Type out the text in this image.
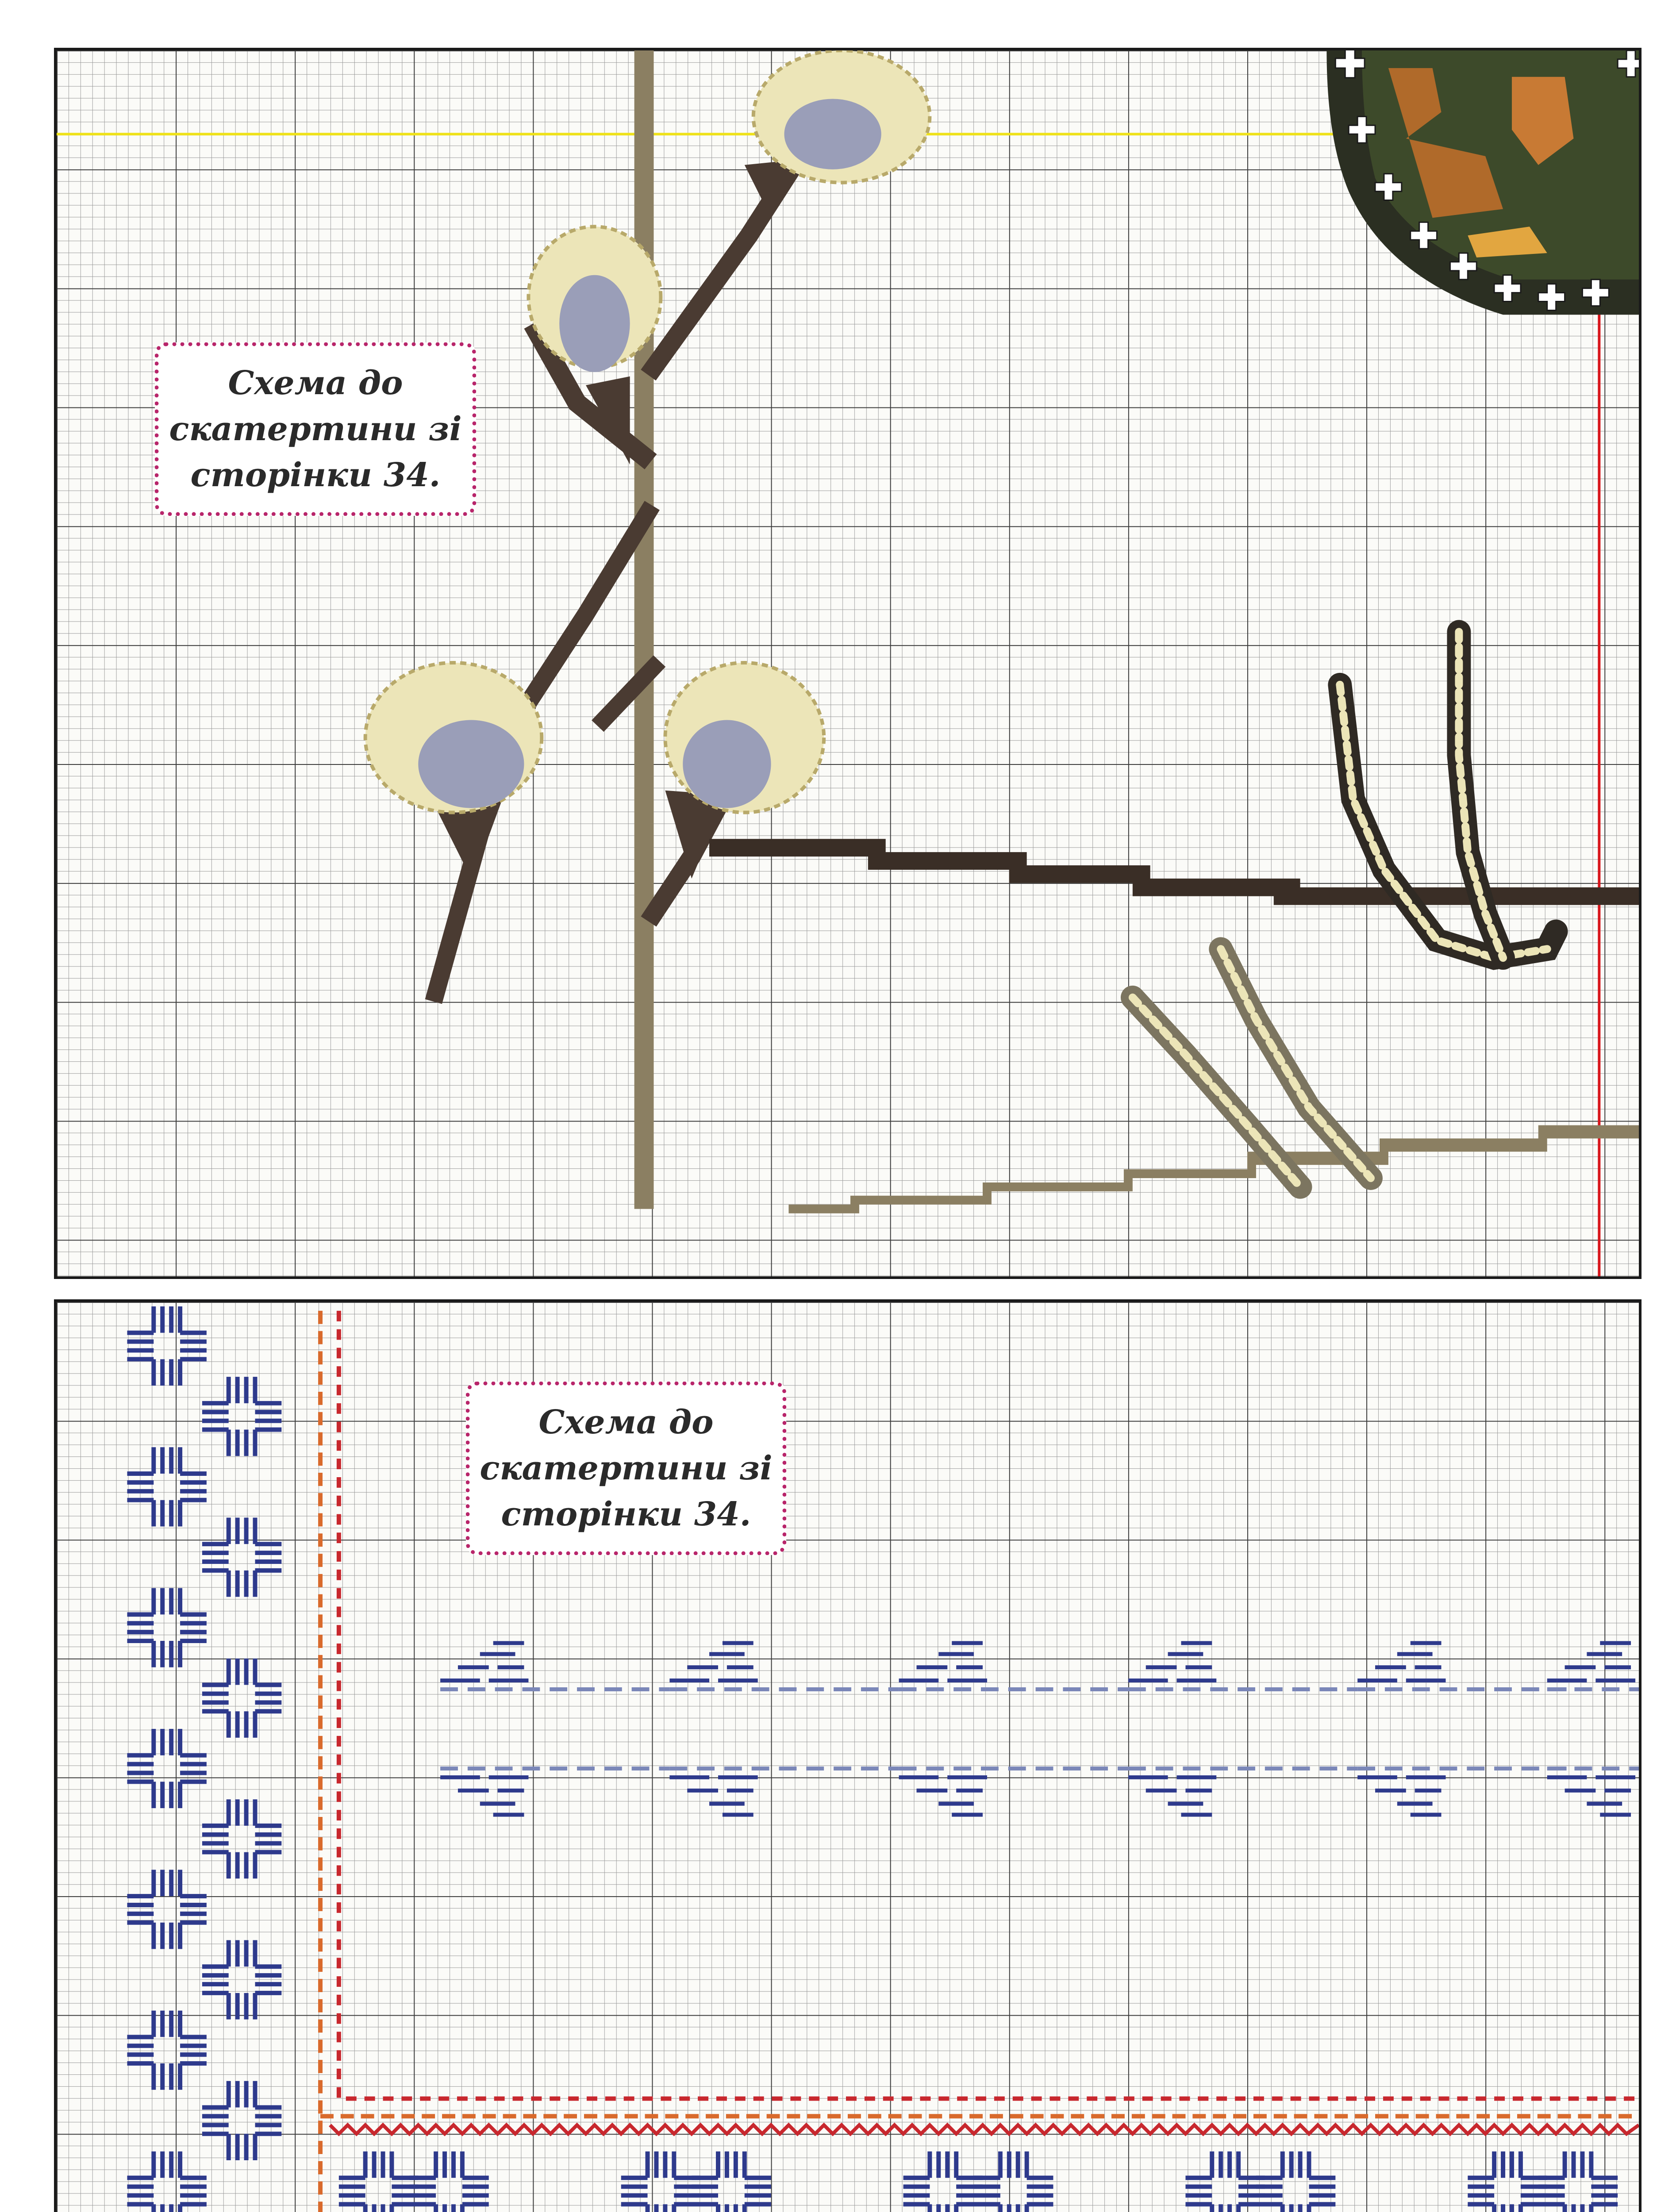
Схема до
скатертини зі
сторінки 34.
Схема до
скатертини зі
сторінки 34.
